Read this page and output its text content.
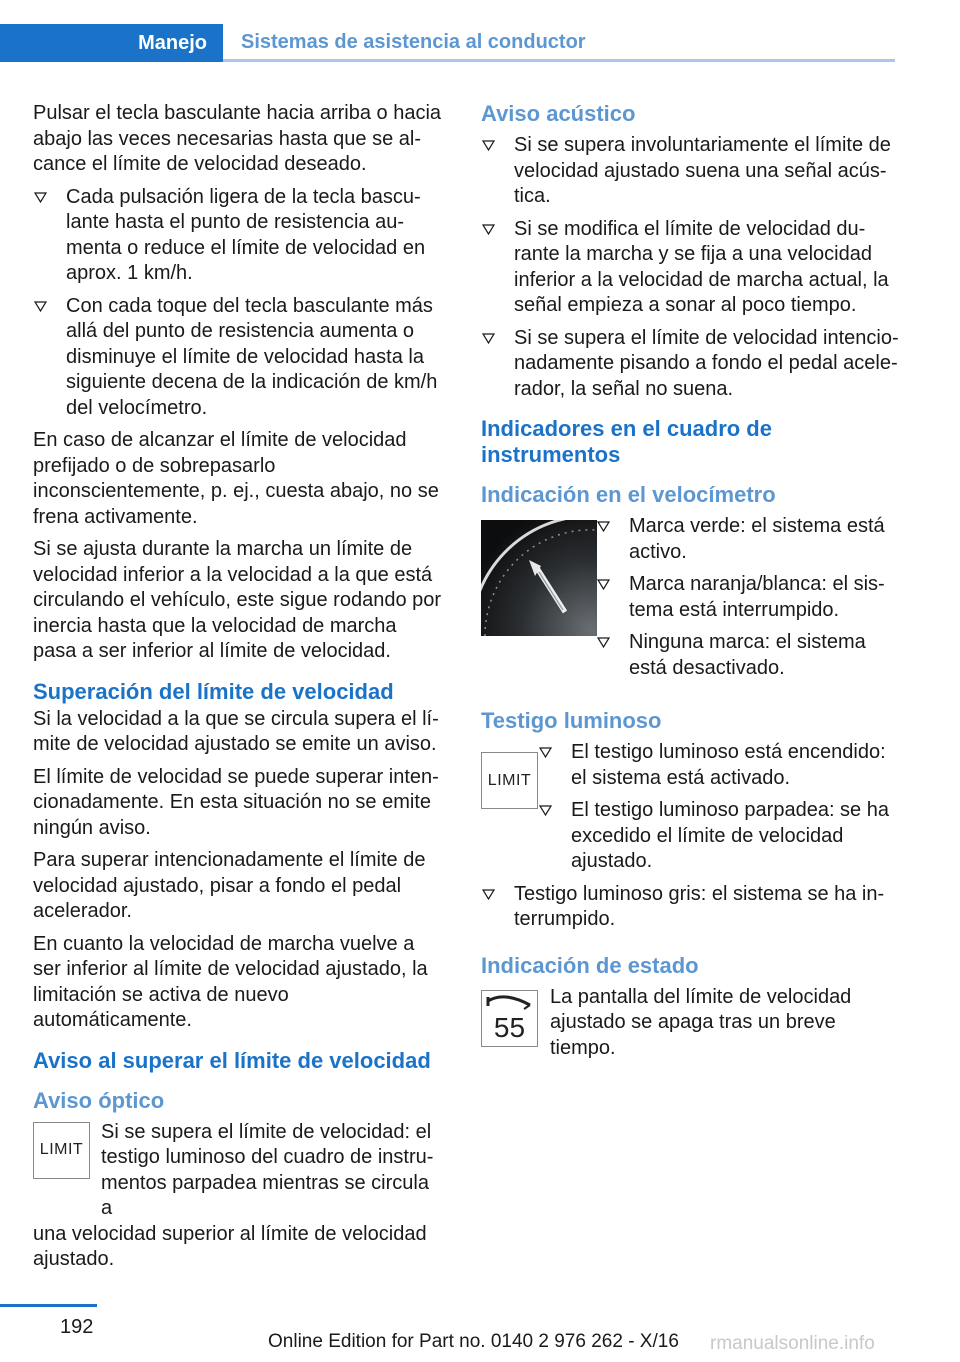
Manejo	Sistemas de asistencia al conductor

Pulsar el tecla basculante hacia arriba o hacia abajo las veces necesarias hasta que se alcance el límite de velocidad deseado.

Cada pulsación ligera de la tecla basculante hasta el punto de resistencia aumenta o reduce el límite de velocidad en aprox. 1 km/h.
Con cada toque del tecla basculante más allá del punto de resistencia aumenta o disminuye el límite de velocidad hasta la siguiente decena de la indicación de km/h del velocímetro.

En caso de alcanzar el límite de velocidad prefijado o de sobrepasarlo inconscientemente, p. ej., cuesta abajo, no se frena activamente.

Si se ajusta durante la marcha un límite de velocidad inferior a la velocidad a la que está circulando el vehículo, este sigue rodando por inercia hasta que la velocidad de marcha pasa a ser inferior al límite de velocidad.

Superación del límite de velocidad

Si la velocidad a la que se circula supera el límite de velocidad ajustado se emite un aviso.

El límite de velocidad se puede superar intencionadamente. En esta situación no se emite ningún aviso.

Para superar intencionadamente el límite de velocidad ajustado, pisar a fondo el pedal acelerador.

En cuanto la velocidad de marcha vuelve a ser inferior al límite de velocidad ajustado, la limitación se activa de nuevo automáticamente.

Aviso al superar el límite de velocidad
Aviso óptico
LIMIT
Si se supera el límite de velocidad: el testigo luminoso del cuadro de instrumentos parpadea mientras se circula a

una velocidad superior al límite de velocidad ajustado.

Aviso acústico
Si se supera involuntariamente el límite de velocidad ajustado suena una señal acústica.
Si se modifica el límite de velocidad durante la marcha y se fija a una velocidad inferior a la velocidad de marcha actual, la señal empieza a sonar al poco tiempo.
Si se supera el límite de velocidad intencionadamente pisando a fondo el pedal acelerador, la señal no suena.
Indicadores en el cuadro de instrumentos
Indicación en el velocímetro
Marca verde: el sistema está activo.
Marca naranja/blanca: el sistema está interrumpido.
Ninguna marca: el sistema está desactivado.
Testigo luminoso
LIMIT
El testigo luminoso está encendido: el sistema está activado.
El testigo luminoso parpadea: se ha excedido el límite de velocidad ajustado.
Testigo luminoso gris: el sistema se ha interrumpido.
Indicación de estado
55
La pantalla del límite de velocidad ajustado se apaga tras un breve tiempo.
192
Online Edition for Part no. 0140 2 976 262 - X/16 rmanualsonline.info
